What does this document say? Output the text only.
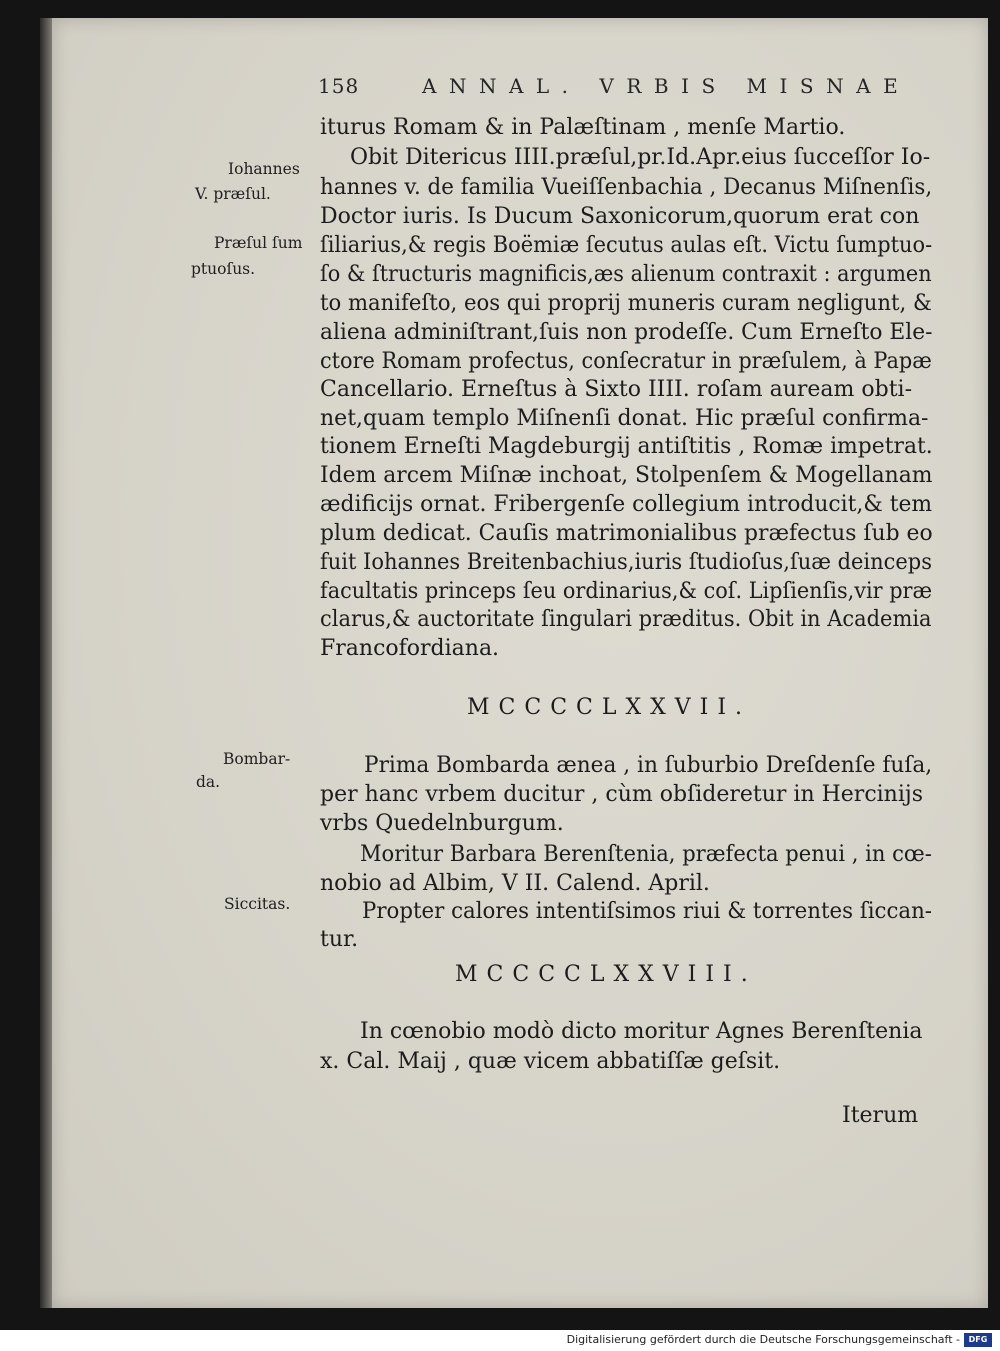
158	ANNAL. VRBIS MISNAE
Iohannes
V. præſul.
Præſul ſum
ptuoſus.
Bombar-
da.
Siccitas.
iturus Romam & in Palæſtinam , menſe Martio.
Obit Ditericus IIII.præſul,pr.Id.Apr.eius ſucceſſor Io-
hannes v. de familia Vueiſſenbachia , Decanus Miſnenſis,
Doctor iuris. Is Ducum Saxonicorum,quorum erat con
ſiliarius,& regis Boëmiæ ſecutus aulas eſt. Victu ſumptuo-
ſo & ſtructuris magnificis,æs alienum contraxit : argumen
to manifeſto, eos qui proprij muneris curam negligunt, &
aliena adminiſtrant,ſuis non prodeſſe. Cum Erneſto Ele-
ctore Romam profectus, conſecratur in præſulem, à Papæ
Cancellario. Erneſtus à Sixto IIII. roſam auream obti-
net,quam templo Miſnenſi donat. Hic præſul confirma-
tionem Erneſti Magdeburgij antiſtitis , Romæ impetrat.
Idem arcem Miſnæ inchoat, Stolpenſem & Mogellanam
ædificijs ornat. Fribergenſe collegium introducit,& tem
plum dedicat. Cauſis matrimonialibus præfectus ſub eo
fuit Iohannes Breitenbachius,iuris ſtudioſus,ſuæ deinceps
facultatis princeps ſeu ordinarius,& coſ. Lipſienſis,vir præ
clarus,& auctoritate ſingulari præditus. Obit in Academia
Francofordiana.
MCCCCLXXVII.
Prima Bombarda ænea , in ſuburbio Dreſdenſe fuſa,
per hanc vrbem ducitur , cùm obſideretur in Hercinijs
vrbs Quedelnburgum.
Moritur Barbara Berenſtenia, præfecta penui , in cœ-
nobio ad Albim, V II. Calend. April.
Propter calores intentiſsimos riui & torrentes ſiccan-
tur.
MCCCCLXXVIII.
In cœnobio modò dicto moritur Agnes Berenſtenia
x. Cal. Maij , quæ vicem abbatiſſæ geſsit.
Iterum
Digitalisierung gefördert durch die Deutsche Forschungsgemeinschaft -	DFG
